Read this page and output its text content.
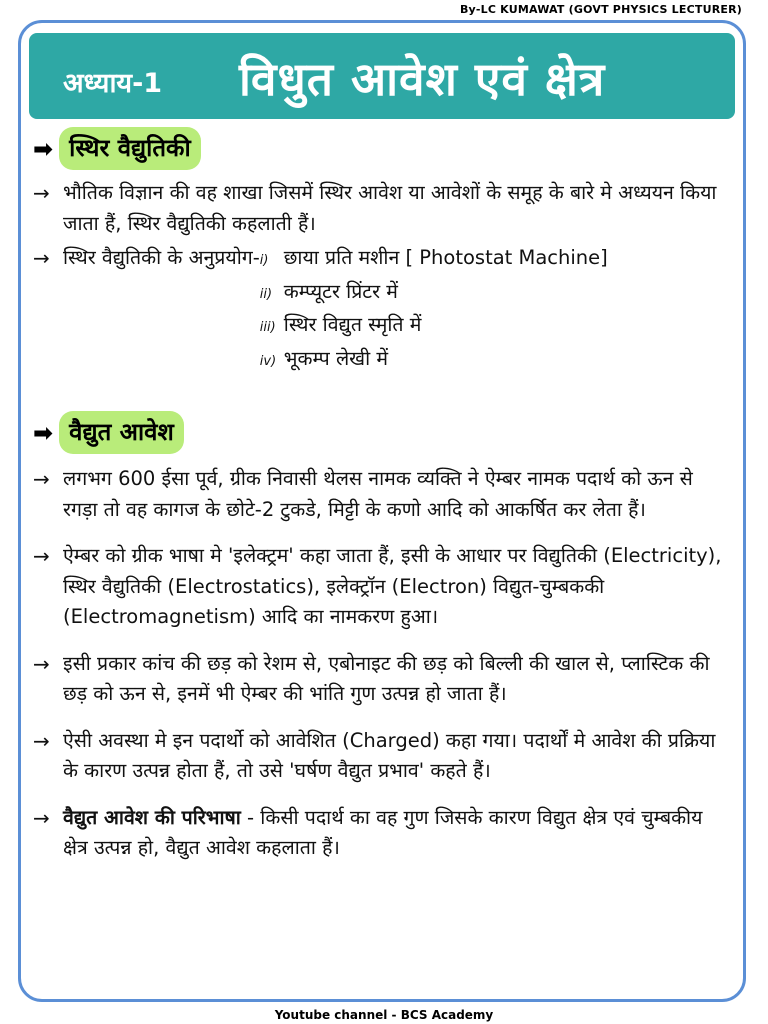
By-LC KUMAWAT (GOVT PHYSICS LECTURER)
अध्याय-1 विधुत आवेश एवं क्षेत्र
➡ स्थिर वैद्युतिकी
→ भौतिक विज्ञान की वह शाखा जिसमें स्थिर आवेश या आवेशों के समूह के बारे मे अध्ययन किया जाता हैं, स्थिर वैद्युतिकी कहलाती हैं।
→ स्थिर वैद्युतिकी के अनुप्रयोग- i) छाया प्रति मशीन [ Photostat Machine]
ii) कम्प्यूटर प्रिंटर में
iii) स्थिर विद्युत स्मृति में
iv) भूकम्प लेखी में
➡ वैद्युत आवेश
→ लगभग 600 ईसा पूर्व, ग्रीक निवासी थेलस नामक व्यक्ति ने ऐम्बर नामक पदार्थ को ऊन से रगड़ा तो वह कागज के छोटे-2 टुकडे, मिट्टी के कणो आदि को आकर्षित कर लेता हैं।
→ ऐम्बर को ग्रीक भाषा मे 'इलेक्ट्रम' कहा जाता हैं, इसी के आधार पर विद्युतिकी (Electricity), स्थिर वैद्युतिकी (Electrostatics), इलेक्ट्रॉन (Electron) विद्युत-चुम्बककी (Electromagnetism) आदि का नामकरण हुआ।
→ इसी प्रकार कांच की छड़ को रेशम से, एबोनाइट की छड़ को बिल्ली की खाल से, प्लास्टिक की छड़ को ऊन से, इनमें भी ऐम्बर की भांति गुण उत्पन्न हो जाता हैं।
→ ऐसी अवस्था मे इन पदार्थो को आवेशित (Charged) कहा गया। पदार्थों मे आवेश की प्रक्रिया के कारण उत्पन्न होता हैं, तो उसे 'घर्षण वैद्युत प्रभाव' कहते हैं।
→ वैद्युत आवेश की परिभाषा - किसी पदार्थ का वह गुण जिसके कारण विद्युत क्षेत्र एवं चुम्बकीय क्षेत्र उत्पन्न हो, वैद्युत आवेश कहलाता हैं।
Youtube channel - BCS Academy
